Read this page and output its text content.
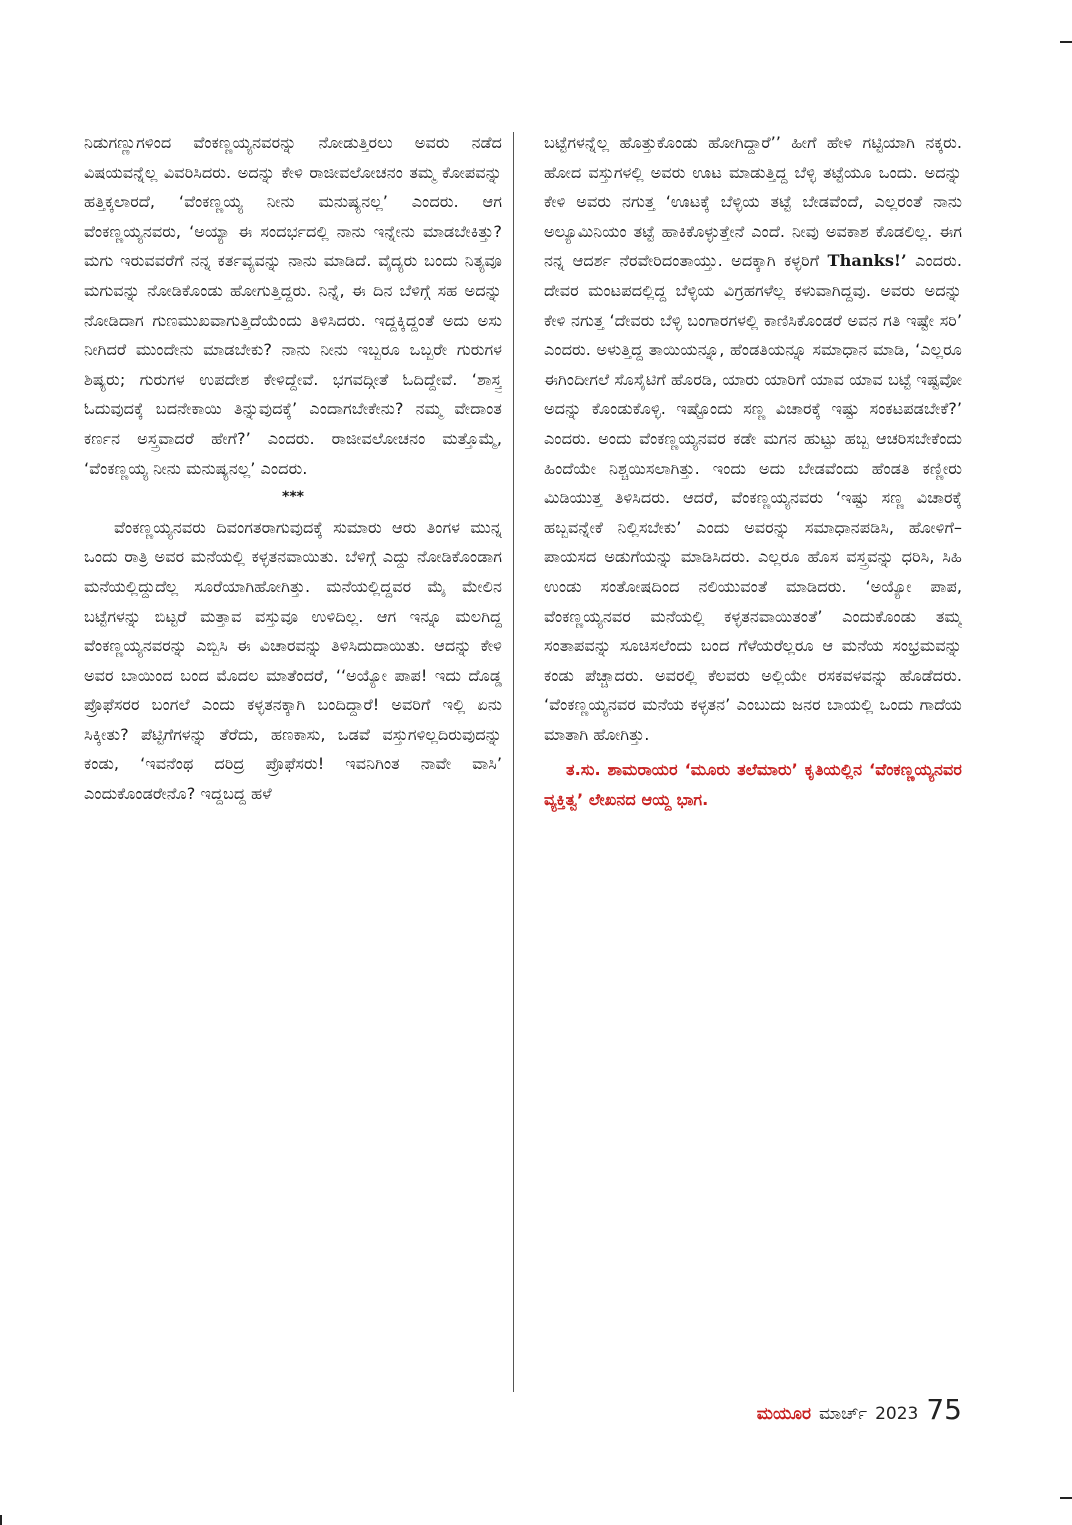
ನಿಡುಗಣ್ಣುಗಳಿಂದ ವೆಂಕಣ್ಣಯ್ಯನವರನ್ನು ನೋಡುತ್ತಿರಲು ಅವರು ನಡೆದ ವಿಷಯವನ್ನೆಲ್ಲ ವಿವರಿಸಿದರು. ಅದನ್ನು ಕೇಳಿ ರಾಜೀವಲೋಚನಂ ತಮ್ಮ ಕೋಪವನ್ನು ಹತ್ತಿಕ್ಕಲಾರದೆ, ‘ವೆಂಕಣ್ಣಯ್ಯ ನೀನು ಮನುಷ್ಯನಲ್ಲ’ ಎಂದರು. ಆಗ ವೆಂಕಣ್ಣಯ್ಯನವರು, ‘ಅಯ್ಯಾ ಈ ಸಂದರ್ಭದಲ್ಲಿ ನಾನು ಇನ್ನೇನು ಮಾಡಬೇಕಿತ್ತು? ಮಗು ಇರುವವರೆಗೆ ನನ್ನ ಕರ್ತವ್ಯವನ್ನು ನಾನು ಮಾಡಿದೆ. ವೈದ್ಯರು ಬಂದು ನಿತ್ಯವೂ ಮಗುವನ್ನು ನೋಡಿಕೊಂಡು ಹೋಗುತ್ತಿದ್ದರು. ನಿನ್ನೆ, ಈ ದಿನ ಬೆಳಿಗ್ಗೆ ಸಹ ಅದನ್ನು ನೋಡಿದಾಗ ಗುಣಮುಖವಾಗುತ್ತಿದೆಯೆಂದು ತಿಳಿಸಿದರು. ಇದ್ದಕ್ಕಿದ್ದಂತೆ ಅದು ಅಸು ನೀಗಿದರೆ ಮುಂದೇನು ಮಾಡಬೇಕು? ನಾನು ನೀನು ಇಬ್ಬರೂ ಒಬ್ಬರೇ ಗುರುಗಳ ಶಿಷ್ಯರು; ಗುರುಗಳ ಉಪದೇಶ ಕೇಳಿದ್ದೇವೆ. ಭಗವದ್ಗೀತೆ ಓದಿದ್ದೇವೆ. ‘ಶಾಸ್ತ್ರ ಓದುವುದಕ್ಕೆ ಬದನೇಕಾಯಿ ತಿನ್ನುವುದಕ್ಕೆ’ ಎಂದಾಗಬೇಕೇನು? ನಮ್ಮ ವೇದಾಂತ ಕರ್ಣನ ಅಸ್ತ್ರವಾದರೆ ಹೇಗೆ?’ ಎಂದರು. ರಾಜೀವಲೋಚನಂ ಮತ್ತೊಮ್ಮೆ, ‘ವೆಂಕಣ್ಣಯ್ಯ ನೀನು ಮನುಷ್ಯನಲ್ಲ’ ಎಂದರು.

***

ವೆಂಕಣ್ಣಯ್ಯನವರು ದಿವಂಗತರಾಗುವುದಕ್ಕೆ ಸುಮಾರು ಆರು ತಿಂಗಳ ಮುನ್ನ ಒಂದು ರಾತ್ರಿ ಅವರ ಮನೆಯಲ್ಲಿ ಕಳ್ಳತನವಾಯಿತು. ಬೆಳಿಗ್ಗೆ ಎದ್ದು ನೋಡಿಕೊಂಡಾಗ ಮನೆಯಲ್ಲಿದ್ದುದೆಲ್ಲ ಸೂರೆಯಾಗಿಹೋಗಿತ್ತು. ಮನೆಯಲ್ಲಿದ್ದವರ ಮೈ ಮೇಲಿನ ಬಟ್ಟೆಗಳನ್ನು ಬಿಟ್ಟರೆ ಮತ್ತಾವ ವಸ್ತುವೂ ಉಳಿದಿಲ್ಲ. ಆಗ ಇನ್ನೂ ಮಲಗಿದ್ದ ವೆಂಕಣ್ಣಯ್ಯನವರನ್ನು ಎಬ್ಬಿಸಿ ಈ ವಿಚಾರವನ್ನು ತಿಳಿಸಿದುದಾಯಿತು. ಆದನ್ನು ಕೇಳಿ ಅವರ ಬಾಯಿಂದ ಬಂದ ಮೊದಲ ಮಾತೆಂದರೆ, ‘‘ಅಯ್ಯೋ ಪಾಪ! ಇದು ದೊಡ್ಡ ಪ್ರೊಫೆಸರರ ಬಂಗಲೆ ಎಂದು ಕಳ್ಳತನಕ್ಕಾಗಿ ಬಂದಿದ್ದಾರೆ! ಅವರಿಗೆ ಇಲ್ಲಿ ಏನು ಸಿಕ್ಕೀತು? ಪೆಟ್ಟಿಗೆಗಳನ್ನು ತೆರೆದು, ಹಣಕಾಸು, ಒಡವೆ ವಸ್ತುಗಳಿಲ್ಲದಿರುವುದನ್ನು ಕಂಡು, ‘ಇವನೆಂಥ ದರಿದ್ರ ಪ್ರೊಫೆಸರು! ಇವನಿಗಿಂತ ನಾವೇ ವಾಸಿ’ ಎಂದುಕೊಂಡರೇನೊ? ಇದ್ದಬದ್ದ ಹಳೆ

ಬಟ್ಟೆಗಳನ್ನೆಲ್ಲ ಹೊತ್ತುಕೊಂಡು ಹೋಗಿದ್ದಾರೆ’’ ಹೀಗೆ ಹೇಳಿ ಗಟ್ಟಿಯಾಗಿ ನಕ್ಕರು. ಹೋದ ವಸ್ತುಗಳಲ್ಲಿ ಅವರು ಊಟ ಮಾಡುತ್ತಿದ್ದ ಬೆಳ್ಳಿ ತಟ್ಟೆಯೂ ಒಂದು. ಅದನ್ನು ಕೇಳಿ ಅವರು ನಗುತ್ತ ‘ಊಟಕ್ಕೆ ಬೆಳ್ಳಿಯ ತಟ್ಟೆ ಬೇಡವೆಂದೆ, ಎಲ್ಲರಂತೆ ನಾನು ಅಲ್ಯೂಮಿನಿಯಂ ತಟ್ಟೆ ಹಾಕಿಕೊಳ್ಳುತ್ತೇನೆ ಎಂದೆ. ನೀವು ಅವಕಾಶ ಕೊಡಲಿಲ್ಲ. ಈಗ ನನ್ನ ಆದರ್ಶ ನೆರವೇರಿದಂತಾಯ್ತು. ಅದಕ್ಕಾಗಿ ಕಳ್ಳರಿಗೆ Thanks!’ ಎಂದರು. ದೇವರ ಮಂಟಪದಲ್ಲಿದ್ದ ಬೆಳ್ಳಿಯ ವಿಗ್ರಹಗಳೆಲ್ಲ ಕಳುವಾಗಿದ್ದವು. ಅವರು ಅದನ್ನು ಕೇಳಿ ನಗುತ್ತ ‘ದೇವರು ಬೆಳ್ಳಿ ಬಂಗಾರಗಳಲ್ಲಿ ಕಾಣಿಸಿಕೊಂಡರೆ ಅವನ ಗತಿ ಇಷ್ಟೇ ಸರಿ’ ಎಂದರು. ಅಳುತ್ತಿದ್ದ ತಾಯಿಯನ್ನೂ, ಹೆಂಡತಿಯನ್ನೂ ಸಮಾಧಾನ ಮಾಡಿ, ‘ಎಲ್ಲರೂ ಈಗಿಂದೀಗಲೆ ಸೊಸೈಟಿಗೆ ಹೊರಡಿ, ಯಾರು ಯಾರಿಗೆ ಯಾವ ಯಾವ ಬಟ್ಟೆ ಇಷ್ಟವೋ ಅದನ್ನು ಕೊಂಡುಕೊಳ್ಳಿ. ಇಷ್ಟೊಂದು ಸಣ್ಣ ವಿಚಾರಕ್ಕೆ ಇಷ್ಟು ಸಂಕಟಪಡಬೇಕೆ?’ ಎಂದರು. ಅಂದು ವೆಂಕಣ್ಣಯ್ಯನವರ ಕಡೇ ಮಗನ ಹುಟ್ಟು ಹಬ್ಬ ಆಚರಿಸಬೇಕೆಂದು ಹಿಂದೆಯೇ ನಿಶ್ಚಯಿಸಲಾಗಿತ್ತು. ಇಂದು ಅದು ಬೇಡವೆಂದು ಹೆಂಡತಿ ಕಣ್ಣೀರು ಮಿಡಿಯುತ್ತ ತಿಳಿಸಿದರು. ಆದರೆ, ವೆಂಕಣ್ಣಯ್ಯನವರು ‘ಇಷ್ಟು ಸಣ್ಣ ವಿಚಾರಕ್ಕೆ ಹಬ್ಬವನ್ನೇಕೆ ನಿಲ್ಲಿಸಬೇಕು’ ಎಂದು ಅವರನ್ನು ಸಮಾಧಾನಪಡಿಸಿ, ಹೋಳಿಗೆ–ಪಾಯಸದ ಅಡುಗೆಯನ್ನು ಮಾಡಿಸಿದರು. ಎಲ್ಲರೂ ಹೊಸ ವಸ್ತ್ರವನ್ನು ಧರಿಸಿ, ಸಿಹಿ ಉಂಡು ಸಂತೋಷದಿಂದ ನಲಿಯುವಂತೆ ಮಾಡಿದರು. ‘ಅಯ್ಯೋ ಪಾಪ, ವೆಂಕಣ್ಣಯ್ಯನವರ ಮನೆಯಲ್ಲಿ ಕಳ್ಳತನವಾಯಿತಂತೆ’ ಎಂದುಕೊಂಡು ತಮ್ಮ ಸಂತಾಪವನ್ನು ಸೂಚಿಸಲೆಂದು ಬಂದ ಗೆಳೆಯರೆಲ್ಲರೂ ಆ ಮನೆಯ ಸಂಭ್ರಮವನ್ನು ಕಂಡು ಪೆಚ್ಚಾದರು. ಅವರಲ್ಲಿ ಕೆಲವರು ಅಲ್ಲಿಯೇ ರಸಕವಳವನ್ನು ಹೊಡೆದರು. ‘ವೆಂಕಣ್ಣಯ್ಯನವರ ಮನೆಯ ಕಳ್ಳತನ’ ಎಂಬುದು ಜನರ ಬಾಯಲ್ಲಿ ಒಂದು ಗಾದೆಯ ಮಾತಾಗಿ ಹೋಗಿತ್ತು.

ತ.ಸು. ಶಾಮರಾಯರ ‘ಮೂರು ತಲೆಮಾರು’ ಕೃತಿಯಲ್ಲಿನ ‘ವೆಂಕಣ್ಣಯ್ಯನವರ ವ್ಯಕ್ತಿತ್ವ’ ಲೇಖನದ ಆಯ್ದ ಭಾಗ.

ಮಯೂರ ಮಾರ್ಚ್ 2023 75
